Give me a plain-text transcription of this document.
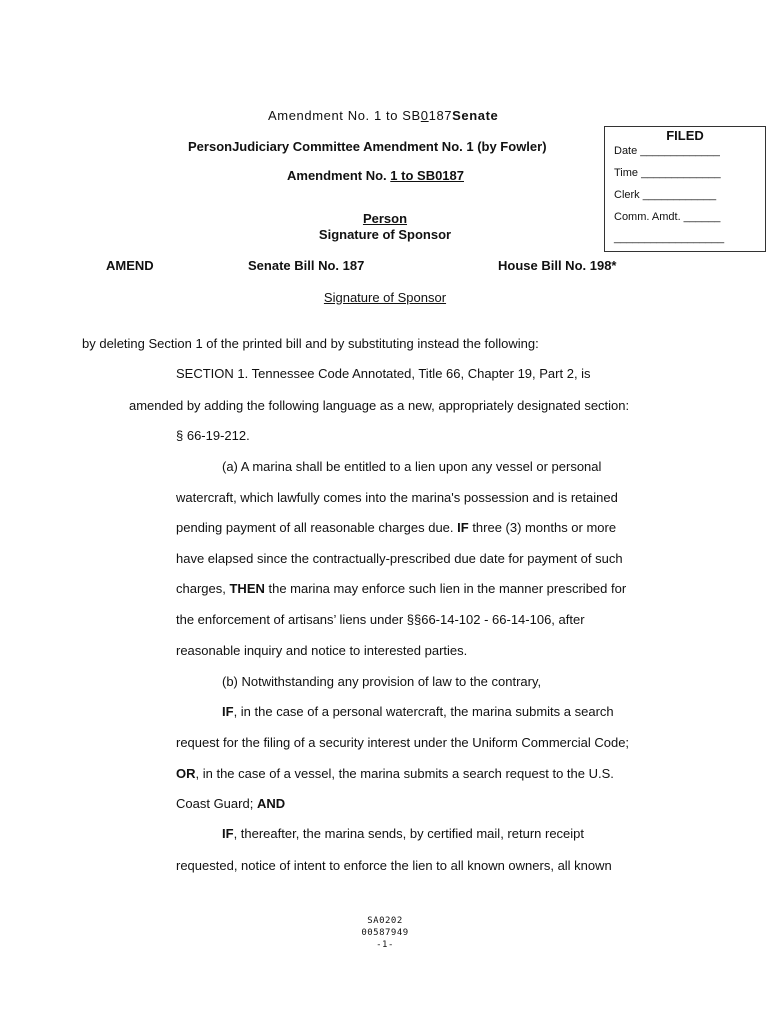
Amendment No. 1 to SB0187Senate
PersonJudiciary Committee Amendment No. 1 (by Fowler)
Amendment No. 1 to SB0187
Person
Signature of Sponsor
FILED
Date _____________
Time _____________
Clerk ____________
Comm. Amdt. ______
__________________
AMEND	Senate Bill No. 187	House Bill No. 198*
Signature of Sponsor
by deleting Section 1 of the printed bill and by substituting instead the following:
SECTION 1. Tennessee Code Annotated, Title 66, Chapter 19, Part 2, is
amended by adding the following language as a new, appropriately designated section:
§ 66-19-212.
(a) A marina shall be entitled to a lien upon any vessel or personal
watercraft, which lawfully comes into the marina's possession and is retained
pending payment of all reasonable charges due. IF three (3) months or more
have elapsed since the contractually-prescribed due date for payment of such
charges, THEN the marina may enforce such lien in the manner prescribed for
the enforcement of artisans’ liens under §§66-14-102 - 66-14-106, after
reasonable inquiry and notice to interested parties.
(b) Notwithstanding any provision of law to the contrary,
IF, in the case of a personal watercraft, the marina submits a search
request for the filing of a security interest under the Uniform Commercial Code;
OR, in the case of a vessel, the marina submits a search request to the U.S.
Coast Guard; AND
IF, thereafter, the marina sends, by certified mail, return receipt
requested, notice of intent to enforce the lien to all known owners, all known
SA0202
00587949
-1-
